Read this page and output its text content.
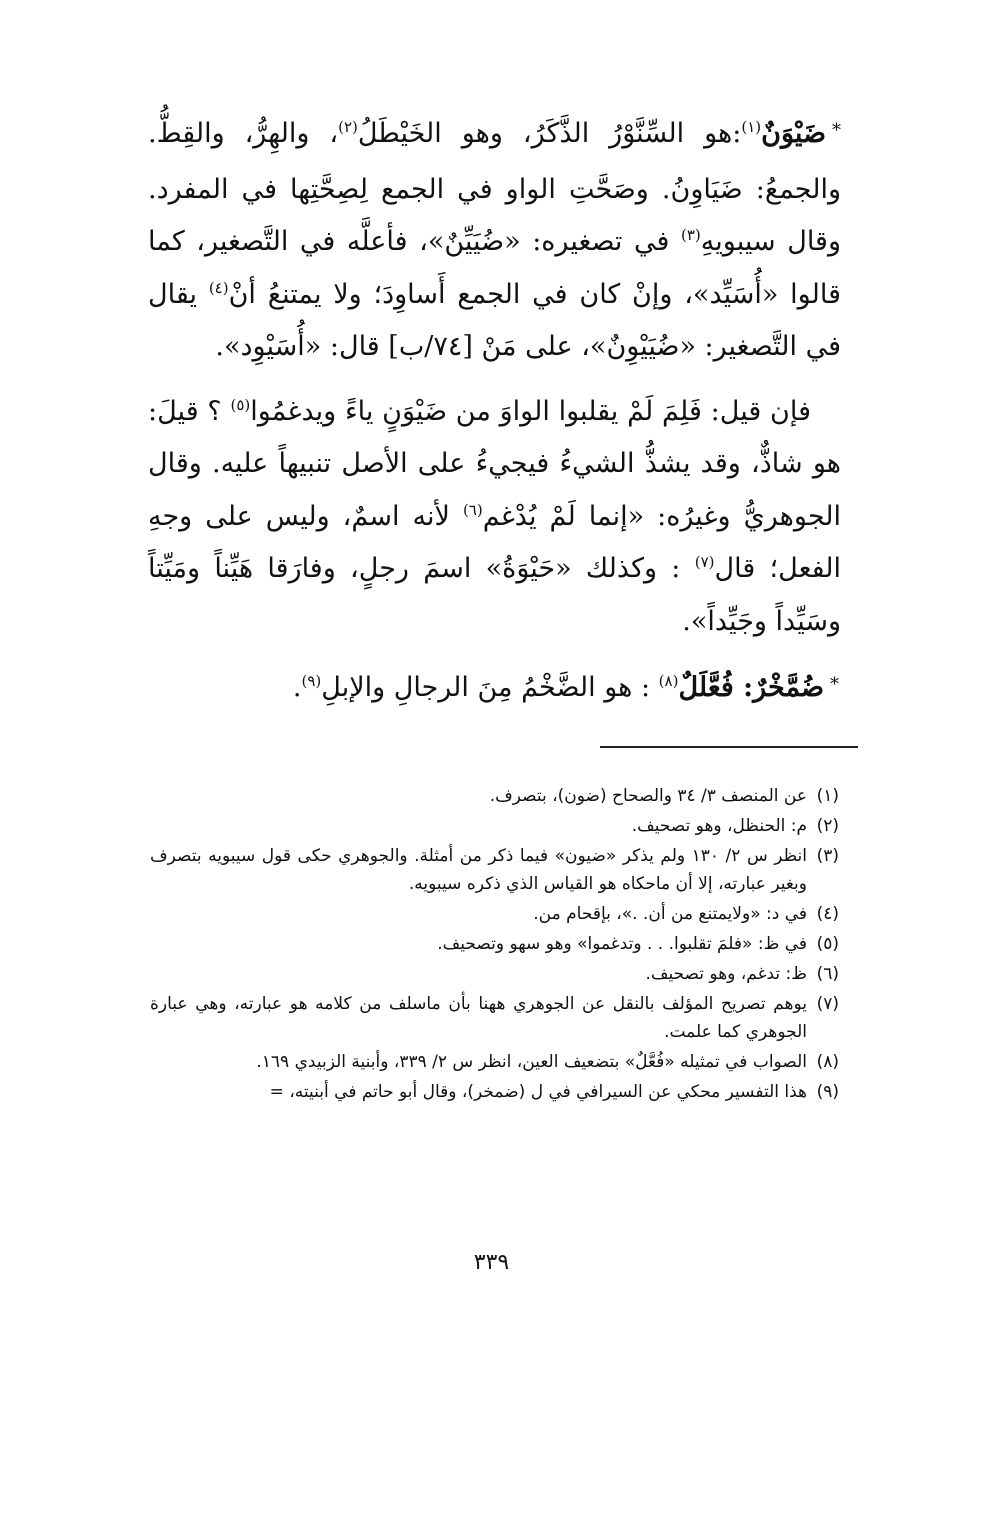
*ضَيْوَنٌ$^{(١)}$:هو السِّنَّوْرُ الذَّكَرُ، وهو الخَيْطَلُ$^{(٢)}$، والهِرُّ، والقِطُّ. والجمعُ: ضَيَاوِنُ. وصَحَّتِ الواو في الجمع لِصِحَّتِها في المفرد. وقال سيبويهِ$^{(٣)}$ في تصغيره: «ضُيَيِّنٌ»، فأعلَّه في التَّصغير، كما قالوا «أُسَيِّد»، وإنْ كان في الجمع أَساوِدَ؛ ولا يمتنعُ أنْ$^{(٤)}$ يقال في التَّصغير: «ضُيَيْوِنٌ»، على مَنْ [٧٤/ب] قال: «أُسَيْوِد».

فإن قيل: فَلِمَ لَمْ يقلبوا الواوَ من ضَيْوَنٍ ياءً ويدغمُوا$^{(٥)}$ ؟ قيلَ: هو شاذٌّ، وقد يشذُّ الشيءُ فيجيءُ على الأصل تنبيهاً عليه. وقال الجوهريُّ وغيرُه: «إنما لَمْ يُدْغم$^{(٦)}$ لأنه اسمٌ، وليس على وجهِ الفعل؛ قال$^{(٧)}$ : وكذلك «حَيْوَةُ» اسمَ رجلٍ، وفارَقا هَيِّناً ومَيِّتاً وسَيِّداً وجَيِّداً».

*ضُمَّخْرٌ: فُعَّلَلٌ$^{(٨)}$ : هو الضَّخْمُ مِنَ الرجالِ والإبلِ$^{(٩)}$.

(١)
عن المنصف ٣/ ٣٤ والصحاح (ضون)، بتصرف.
(٢)
م: الحنظل، وهو تصحيف.
(٣)
انظر س ٢/ ١٣٠ ولم يذكر «ضيون» فيما ذكر من أمثلة. والجوهري حكى قول سيبويه بتصرف وبغير عبارته، إلا أن ماحكاه هو القياس الذي ذكره سيبويه.
(٤)
في د: «ولايمتنع من أن. .»، بإقحام من.
(٥)
في ظ: «فلمَ تقلبوا. . . وتدغموا» وهو سهو وتصحيف.
(٦)
ظ: تدغم، وهو تصحيف.
(٧)
يوهم تصريح المؤلف بالنقل عن الجوهري ههنا بأن ماسلف من كلامه هو عبارته، وهي عبارة الجوهري كما علمت.
(٨)
الصواب في تمثيله «فُعَّلٌ» بتضعيف العين، انظر س ٢/ ٣٣٩، وأبنية الزبيدي ١٦٩.
(٩)
هذا التفسير محكي عن السيرافي في ل (ضمخر)، وقال أبو حاتم في أبنيته، =
٣٣٩
